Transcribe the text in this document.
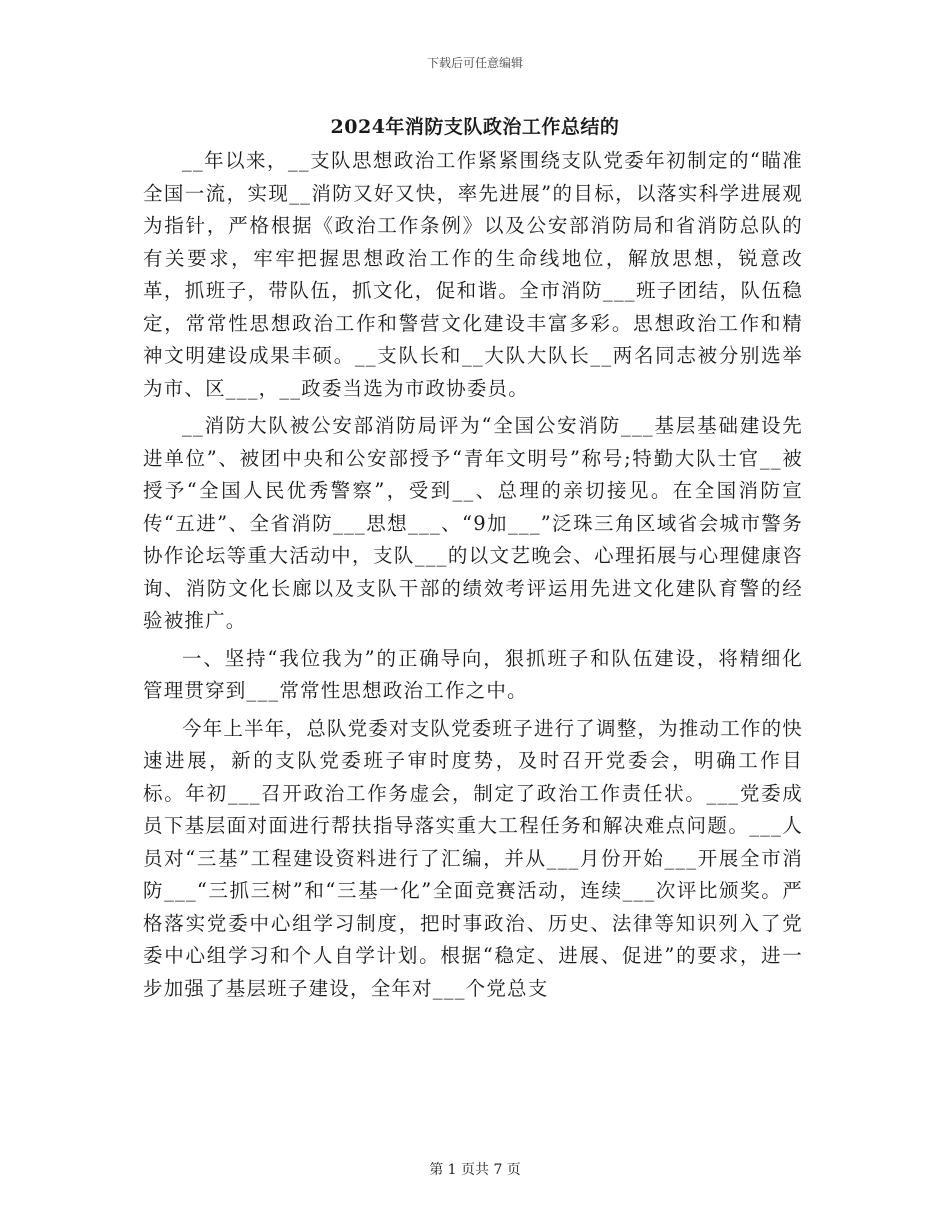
下载后可任意编辑
2024年消防支队政治工作总结的

__年以来，__支队思想政治工作紧紧围绕支队党委年初制定的“瞄准全国一流，实现__消防又好又快，率先进展”的目标，以落实科学进展观为指针，严格根据《政治工作条例》以及公安部消防局和省消防总队的有关要求，牢牢把握思想政治工作的生命线地位，解放思想，锐意改革，抓班子，带队伍，抓文化，促和谐。全市消防___班子团结，队伍稳定，常常性思想政治工作和警营文化建设丰富多彩。思想政治工作和精神文明建设成果丰硕。__支队长和__大队大队长__两名同志被分别选举为市、区___，__政委当选为市政协委员。

__消防大队被公安部消防局评为“全国公安消防___基层基础建设先进单位”、被团中央和公安部授予“青年文明号”称号;特勤大队士官__被授予“全国人民优秀警察”，受到__、总理的亲切接见。在全国消防宣传“五进”、全省消防___思想___、“9加___”泛珠三角区域省会城市警务协作论坛等重大活动中，支队___的以文艺晚会、心理拓展与心理健康咨询、消防文化长廊以及支队干部的绩效考评运用先进文化建队育警的经验被推广。

一、坚持“我位我为”的正确导向，狠抓班子和队伍建设，将精细化管理贯穿到___常常性思想政治工作之中。

今年上半年，总队党委对支队党委班子进行了调整，为推动工作的快速进展，新的支队党委班子审时度势，及时召开党委会，明确工作目标。年初___召开政治工作务虚会，制定了政治工作责任状。___党委成员下基层面对面进行帮扶指导落实重大工程任务和解决难点问题。___人员对“三基”工程建设资料进行了汇编，并从___月份开始___开展全市消防___“三抓三树”和“三基一化”全面竞赛活动，连续___次评比颁奖。严格落实党委中心组学习制度，把时事政治、历史、法律等知识列入了党委中心组学习和个人自学计划。根据“稳定、进展、促进”的要求，进一步加强了基层班子建设，全年对___个党总支

第 1 页共 7 页
